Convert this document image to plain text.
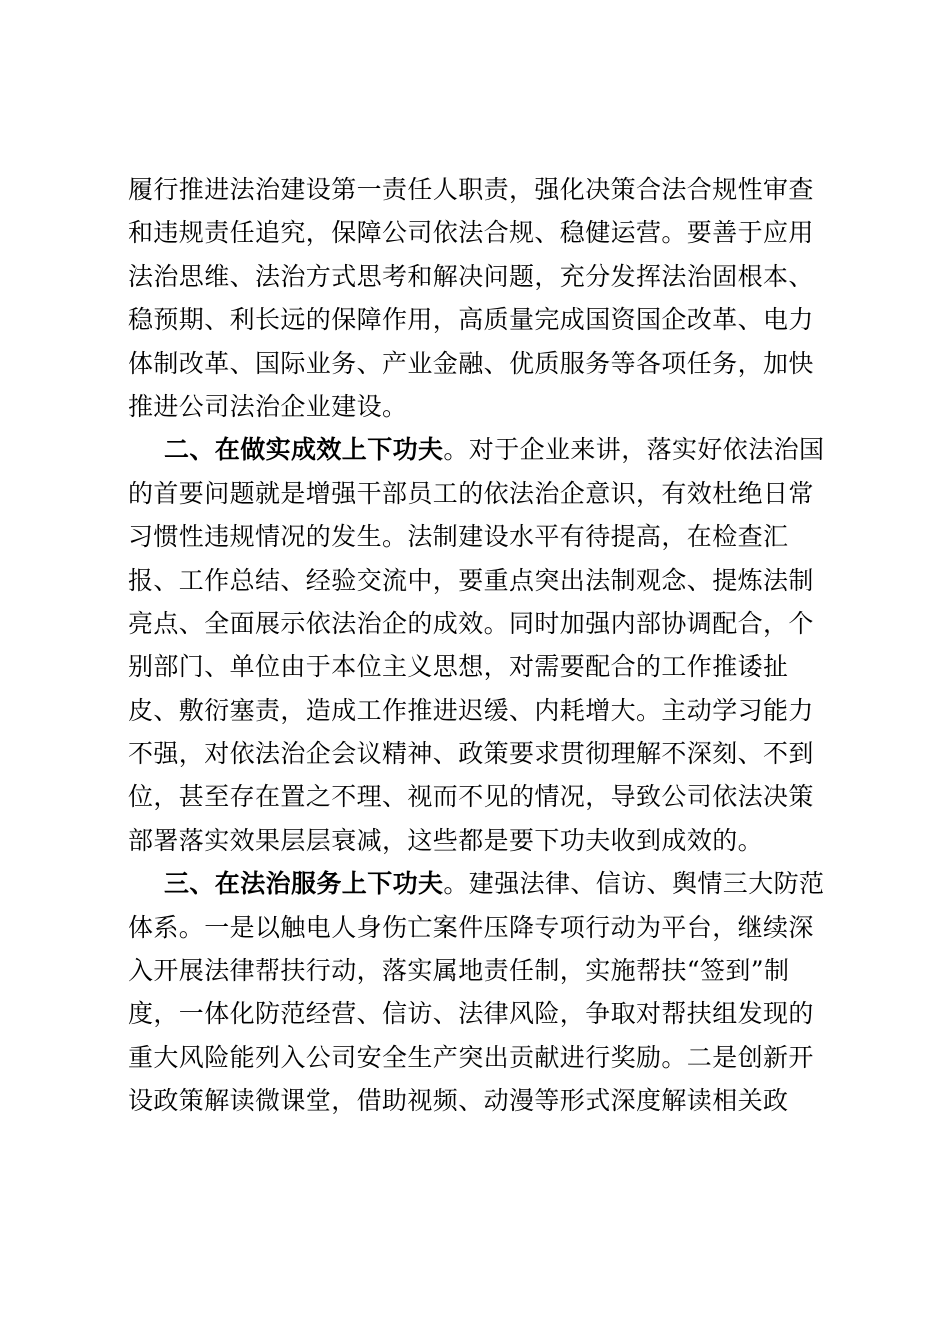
履行推进法治建设第一责任人职责，强化决策合法合规性审查
和违规责任追究，保障公司依法合规、稳健运营。要善于应用
法治思维、法治方式思考和解决问题，充分发挥法治固根本、
稳预期、利长远的保障作用，高质量完成国资国企改革、电力
体制改革、国际业务、产业金融、优质服务等各项任务，加快
推进公司法治企业建设。
二、在做实成效上下功夫。对于企业来讲，落实好依法治国
的首要问题就是增强干部员工的依法治企意识，有效杜绝日常
习惯性违规情况的发生。法制建设水平有待提高，在检查汇
报、工作总结、经验交流中，要重点突出法制观念、提炼法制
亮点、全面展示依法治企的成效。同时加强内部协调配合，个
别部门、单位由于本位主义思想，对需要配合的工作推诿扯
皮、敷衍塞责，造成工作推进迟缓、内耗增大。主动学习能力
不强，对依法治企会议精神、政策要求贯彻理解不深刻、不到
位，甚至存在置之不理、视而不见的情况，导致公司依法决策
部署落实效果层层衰减，这些都是要下功夫收到成效的。
三、在法治服务上下功夫。建强法律、信访、舆情三大防范
体系。一是以触电人身伤亡案件压降专项行动为平台，继续深
入开展法律帮扶行动，落实属地责任制，实施帮扶“签到”制
度，一体化防范经营、信访、法律风险，争取对帮扶组发现的
重大风险能列入公司安全生产突出贡献进行奖励。二是创新开
设政策解读微课堂，借助视频、动漫等形式深度解读相关政
